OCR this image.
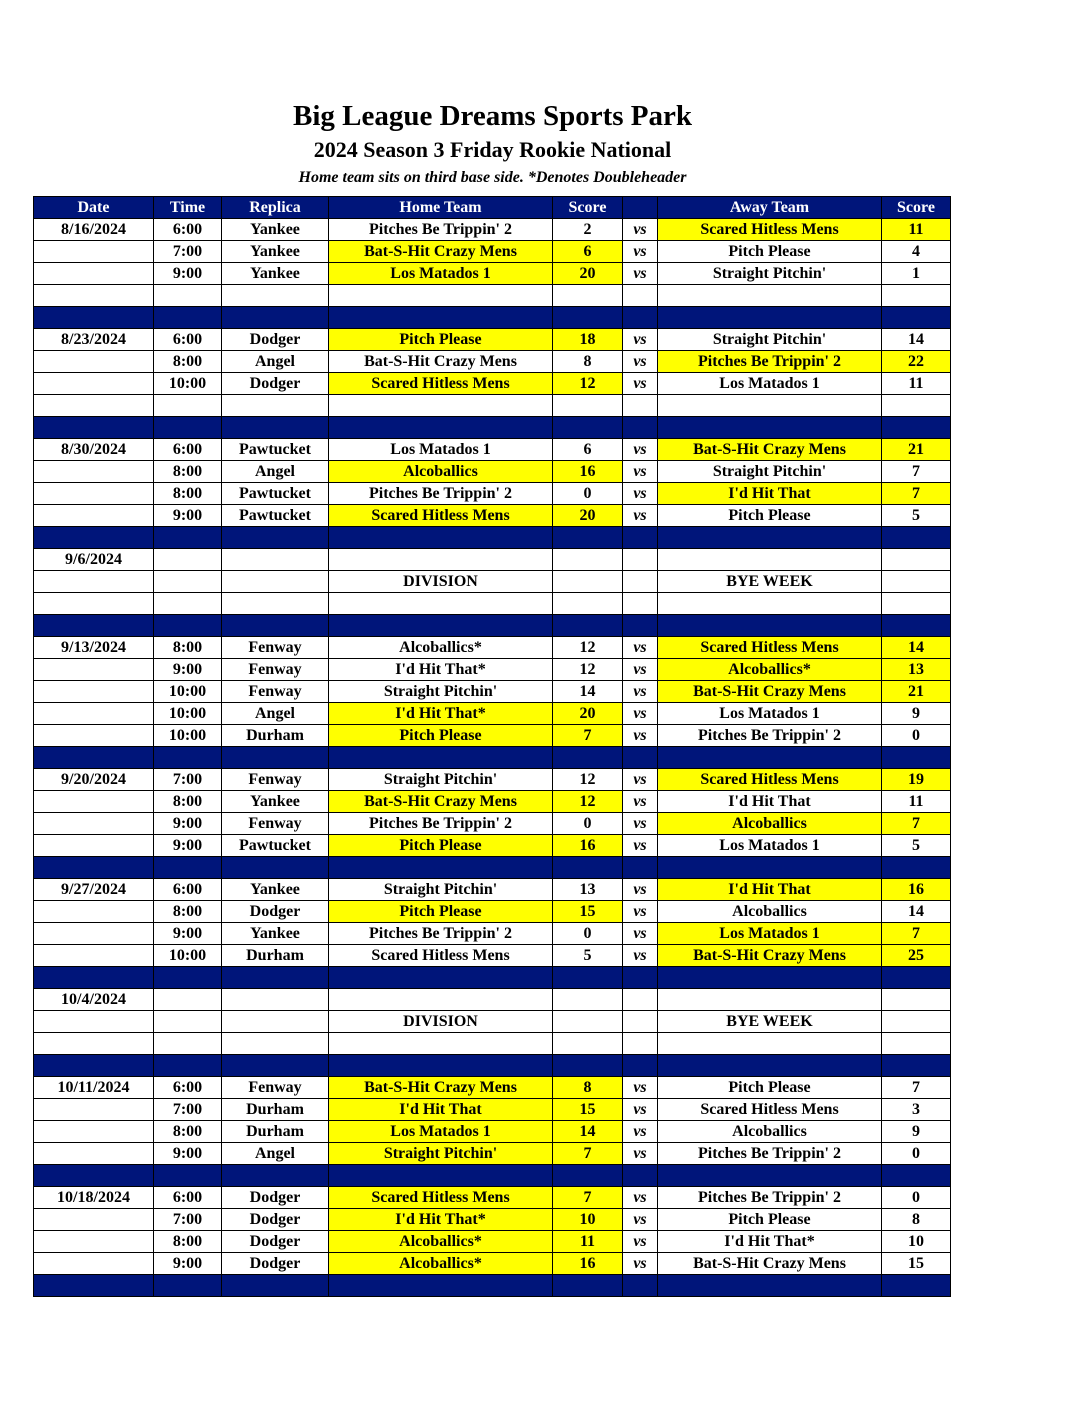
Big League Dreams Sports Park
2024 Season 3 Friday Rookie National
Home team sits on third base side. *Denotes Doubleheader
Date	Time	Replica	Home Team	Score		Away Team	Score
8/16/2024	6:00	Yankee	Pitches Be Trippin' 2	2	vs	Scared Hitless Mens	11
	7:00	Yankee	Bat-S-Hit Crazy Mens	6	vs	Pitch Please	4
	9:00	Yankee	Los Matados 1	20	vs	Straight Pitchin'	1

8/23/2024	6:00	Dodger	Pitch Please	18	vs	Straight Pitchin'	14
	8:00	Angel	Bat-S-Hit Crazy Mens	8	vs	Pitches Be Trippin' 2	22
	10:00	Dodger	Scared Hitless Mens	12	vs	Los Matados 1	11

8/30/2024	6:00	Pawtucket	Los Matados 1	6	vs	Bat-S-Hit Crazy Mens	21
	8:00	Angel	Alcoballics	16	vs	Straight Pitchin'	7
	8:00	Pawtucket	Pitches Be Trippin' 2	0	vs	I'd Hit That	7
	9:00	Pawtucket	Scared Hitless Mens	20	vs	Pitch Please	5

9/6/2024							
			DIVISION			BYE WEEK	

9/13/2024	8:00	Fenway	Alcoballics*	12	vs	Scared Hitless Mens	14
	9:00	Fenway	I'd Hit That*	12	vs	Alcoballics*	13
	10:00	Fenway	Straight Pitchin'	14	vs	Bat-S-Hit Crazy Mens	21
	10:00	Angel	I'd Hit That*	20	vs	Los Matados 1	9
	10:00	Durham	Pitch Please	7	vs	Pitches Be Trippin' 2	0

9/20/2024	7:00	Fenway	Straight Pitchin'	12	vs	Scared Hitless Mens	19
	8:00	Yankee	Bat-S-Hit Crazy Mens	12	vs	I'd Hit That	11
	9:00	Fenway	Pitches Be Trippin' 2	0	vs	Alcoballics	7
	9:00	Pawtucket	Pitch Please	16	vs	Los Matados 1	5

9/27/2024	6:00	Yankee	Straight Pitchin'	13	vs	I'd Hit That	16
	8:00	Dodger	Pitch Please	15	vs	Alcoballics	14
	9:00	Yankee	Pitches Be Trippin' 2	0	vs	Los Matados 1	7
	10:00	Durham	Scared Hitless Mens	5	vs	Bat-S-Hit Crazy Mens	25

10/4/2024							
			DIVISION			BYE WEEK	

10/11/2024	6:00	Fenway	Bat-S-Hit Crazy Mens	8	vs	Pitch Please	7
	7:00	Durham	I'd Hit That	15	vs	Scared Hitless Mens	3
	8:00	Durham	Los Matados 1	14	vs	Alcoballics	9
	9:00	Angel	Straight Pitchin'	7	vs	Pitches Be Trippin' 2	0

10/18/2024	6:00	Dodger	Scared Hitless Mens	7	vs	Pitches Be Trippin' 2	0
	7:00	Dodger	I'd Hit That*	10	vs	Pitch Please	8
	8:00	Dodger	Alcoballics*	11	vs	I'd Hit That*	10
	9:00	Dodger	Alcoballics*	16	vs	Bat-S-Hit Crazy Mens	15
